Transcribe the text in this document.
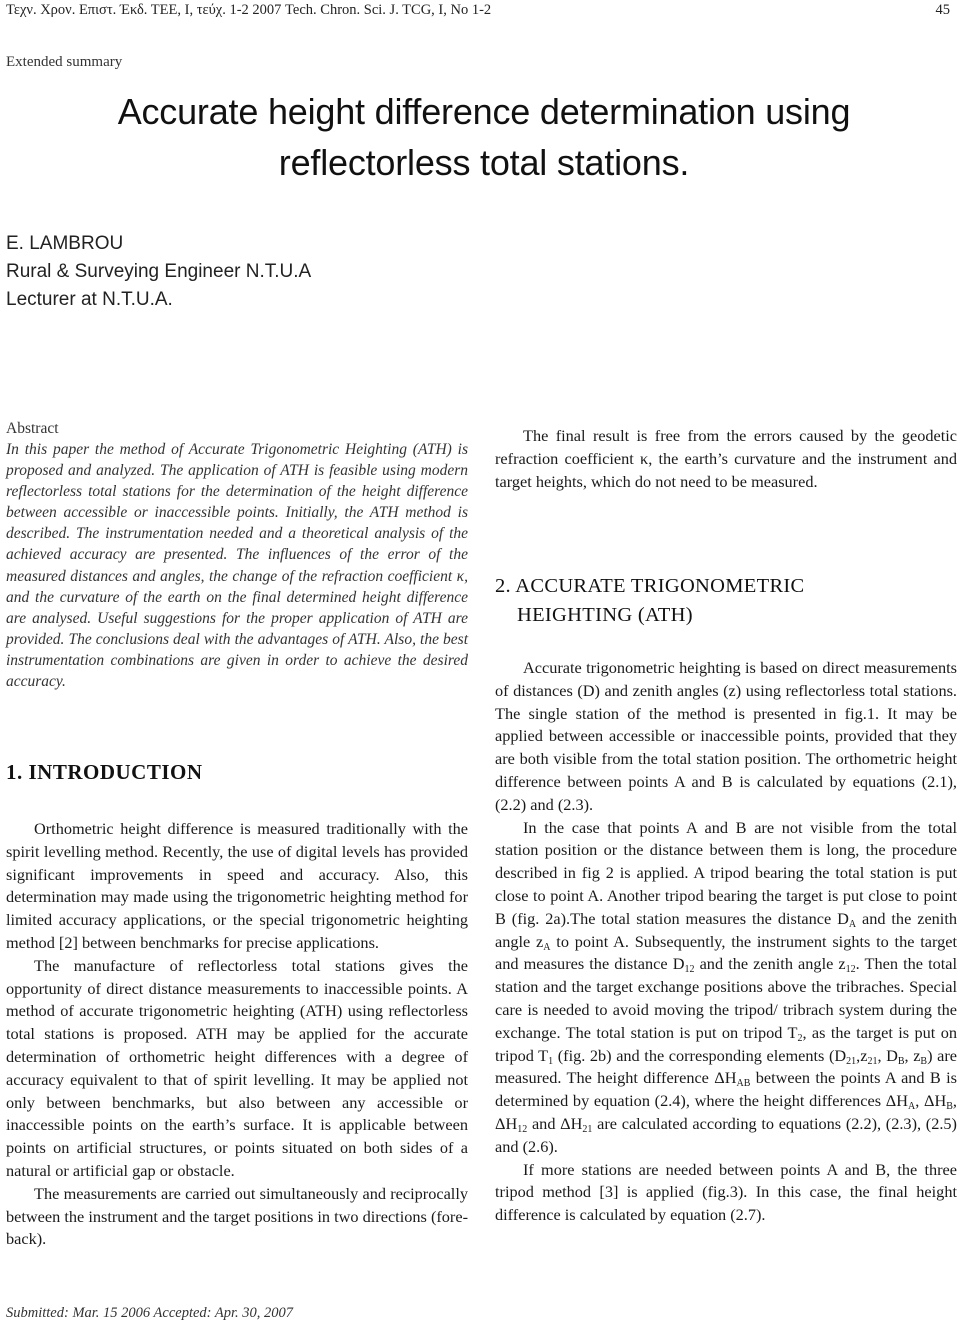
Τεχν. Χρον. Επιστ. Έκδ. ΤΕΕ, Ι, τεύχ. 1-2 2007 Tech. Chron. Sci. J. TCG, I, No 1-2	45
Extended summary
Accurate height difference determination using
reflectorless total stations.
E. LAMBROU
Rural & Surveying Engineer N.T.U.A
Lecturer at N.T.U.A.
Abstract

In this paper the method of Accurate Trigonometric Heighting (ATH) is proposed and analyzed. The application of ATH is feasible using modern reflectorless total stations for the determination of the height difference between accessible or inaccessible points. Initially, the ATH method is described. The instrumentation needed and a theoretical analysis of the achieved accuracy are presented. The influences of the error of the measured distances and angles, the change of the refraction coefficient κ, and the curvature of the earth on the final determined height difference are analysed. Useful suggestions for the proper application of ATH are provided. The conclusions deal with the advantages of ATH. Also, the best instrumentation combinations are given in order to achieve the desired accuracy.

1. INTRODUCTION

Orthometric height difference is measured traditionally with the spirit levelling method. Recently, the use of digital levels has provided significant improvements in speed and accuracy. Also, this determination may made using the trigonometric heighting method for limited accuracy applications, or the special trigonometric heighting method [2] between benchmarks for precise applications.

The manufacture of reflectorless total stations gives the opportunity of direct distance measurements to inaccessible points. A method of accurate trigonometric heighting (ATH) using reflectorless total stations is proposed. ATH may be applied for the accurate determination of orthometric height differences with a degree of accuracy equivalent to that of spirit levelling. It may be applied not only between benchmarks, but also between any accessible or inaccessible points on the earth’s surface. It is applicable between points on artificial structures, or points situated on both sides of a natural or artificial gap or obstacle.

The measurements are carried out simultaneously and reciprocally between the instrument and the target positions in two directions (fore-back).

The final result is free from the errors caused by the geodetic refraction coefficient κ, the earth’s curvature and the instrument and target heights, which do not need to be measured.

2. ACCURATE TRIGONOMETRIC
HEIGHTING (ATH)

Accurate trigonometric heighting is based on direct measurements of distances (D) and zenith angles (z) using reflectorless total stations. The single station of the method is presented in fig.1. It may be applied between accessible or inaccessible points, provided that they are both visible from the total station position. The orthometric height difference between points A and B is calculated by equations (2.1), (2.2) and (2.3).

In the case that points A and B are not visible from the total station position or the distance between them is long, the procedure described in fig 2 is applied. A tripod bearing the total station is put close to point A. Another tripod bearing the target is put close to point B (fig. 2a).The total station measures the distance $D_A$ and the zenith angle $z_A$ to point A. Subsequently, the instrument sights to the target and measures the distance $D_{12}$ and the zenith angle $z_{12}$. Then the total station and the target exchange positions above the tribraches. Special care is needed to avoid moving the tripod/ tribrach system during the exchange. The total station is put on tripod $T_2$, as the target is put on tripod $T_1$ (fig. 2b) and the corresponding elements ($D_{21},z_{21}$, $D_B$, $z_B$) are measured. The height difference $\Delta H_{AB}$ between the points A and B is determined by equation (2.4), where the height differences $\Delta H_A$, $\Delta H_B$, $\Delta H_{12}$ and $\Delta H_{21}$ are calculated according to equations (2.2), (2.3), (2.5) and (2.6).

If more stations are needed between points A and B, the three tripod method [3] is applied (fig.3). In this case, the final height difference is calculated by equation (2.7).

Submitted: Mar. 15 2006 Accepted: Apr. 30, 2007
